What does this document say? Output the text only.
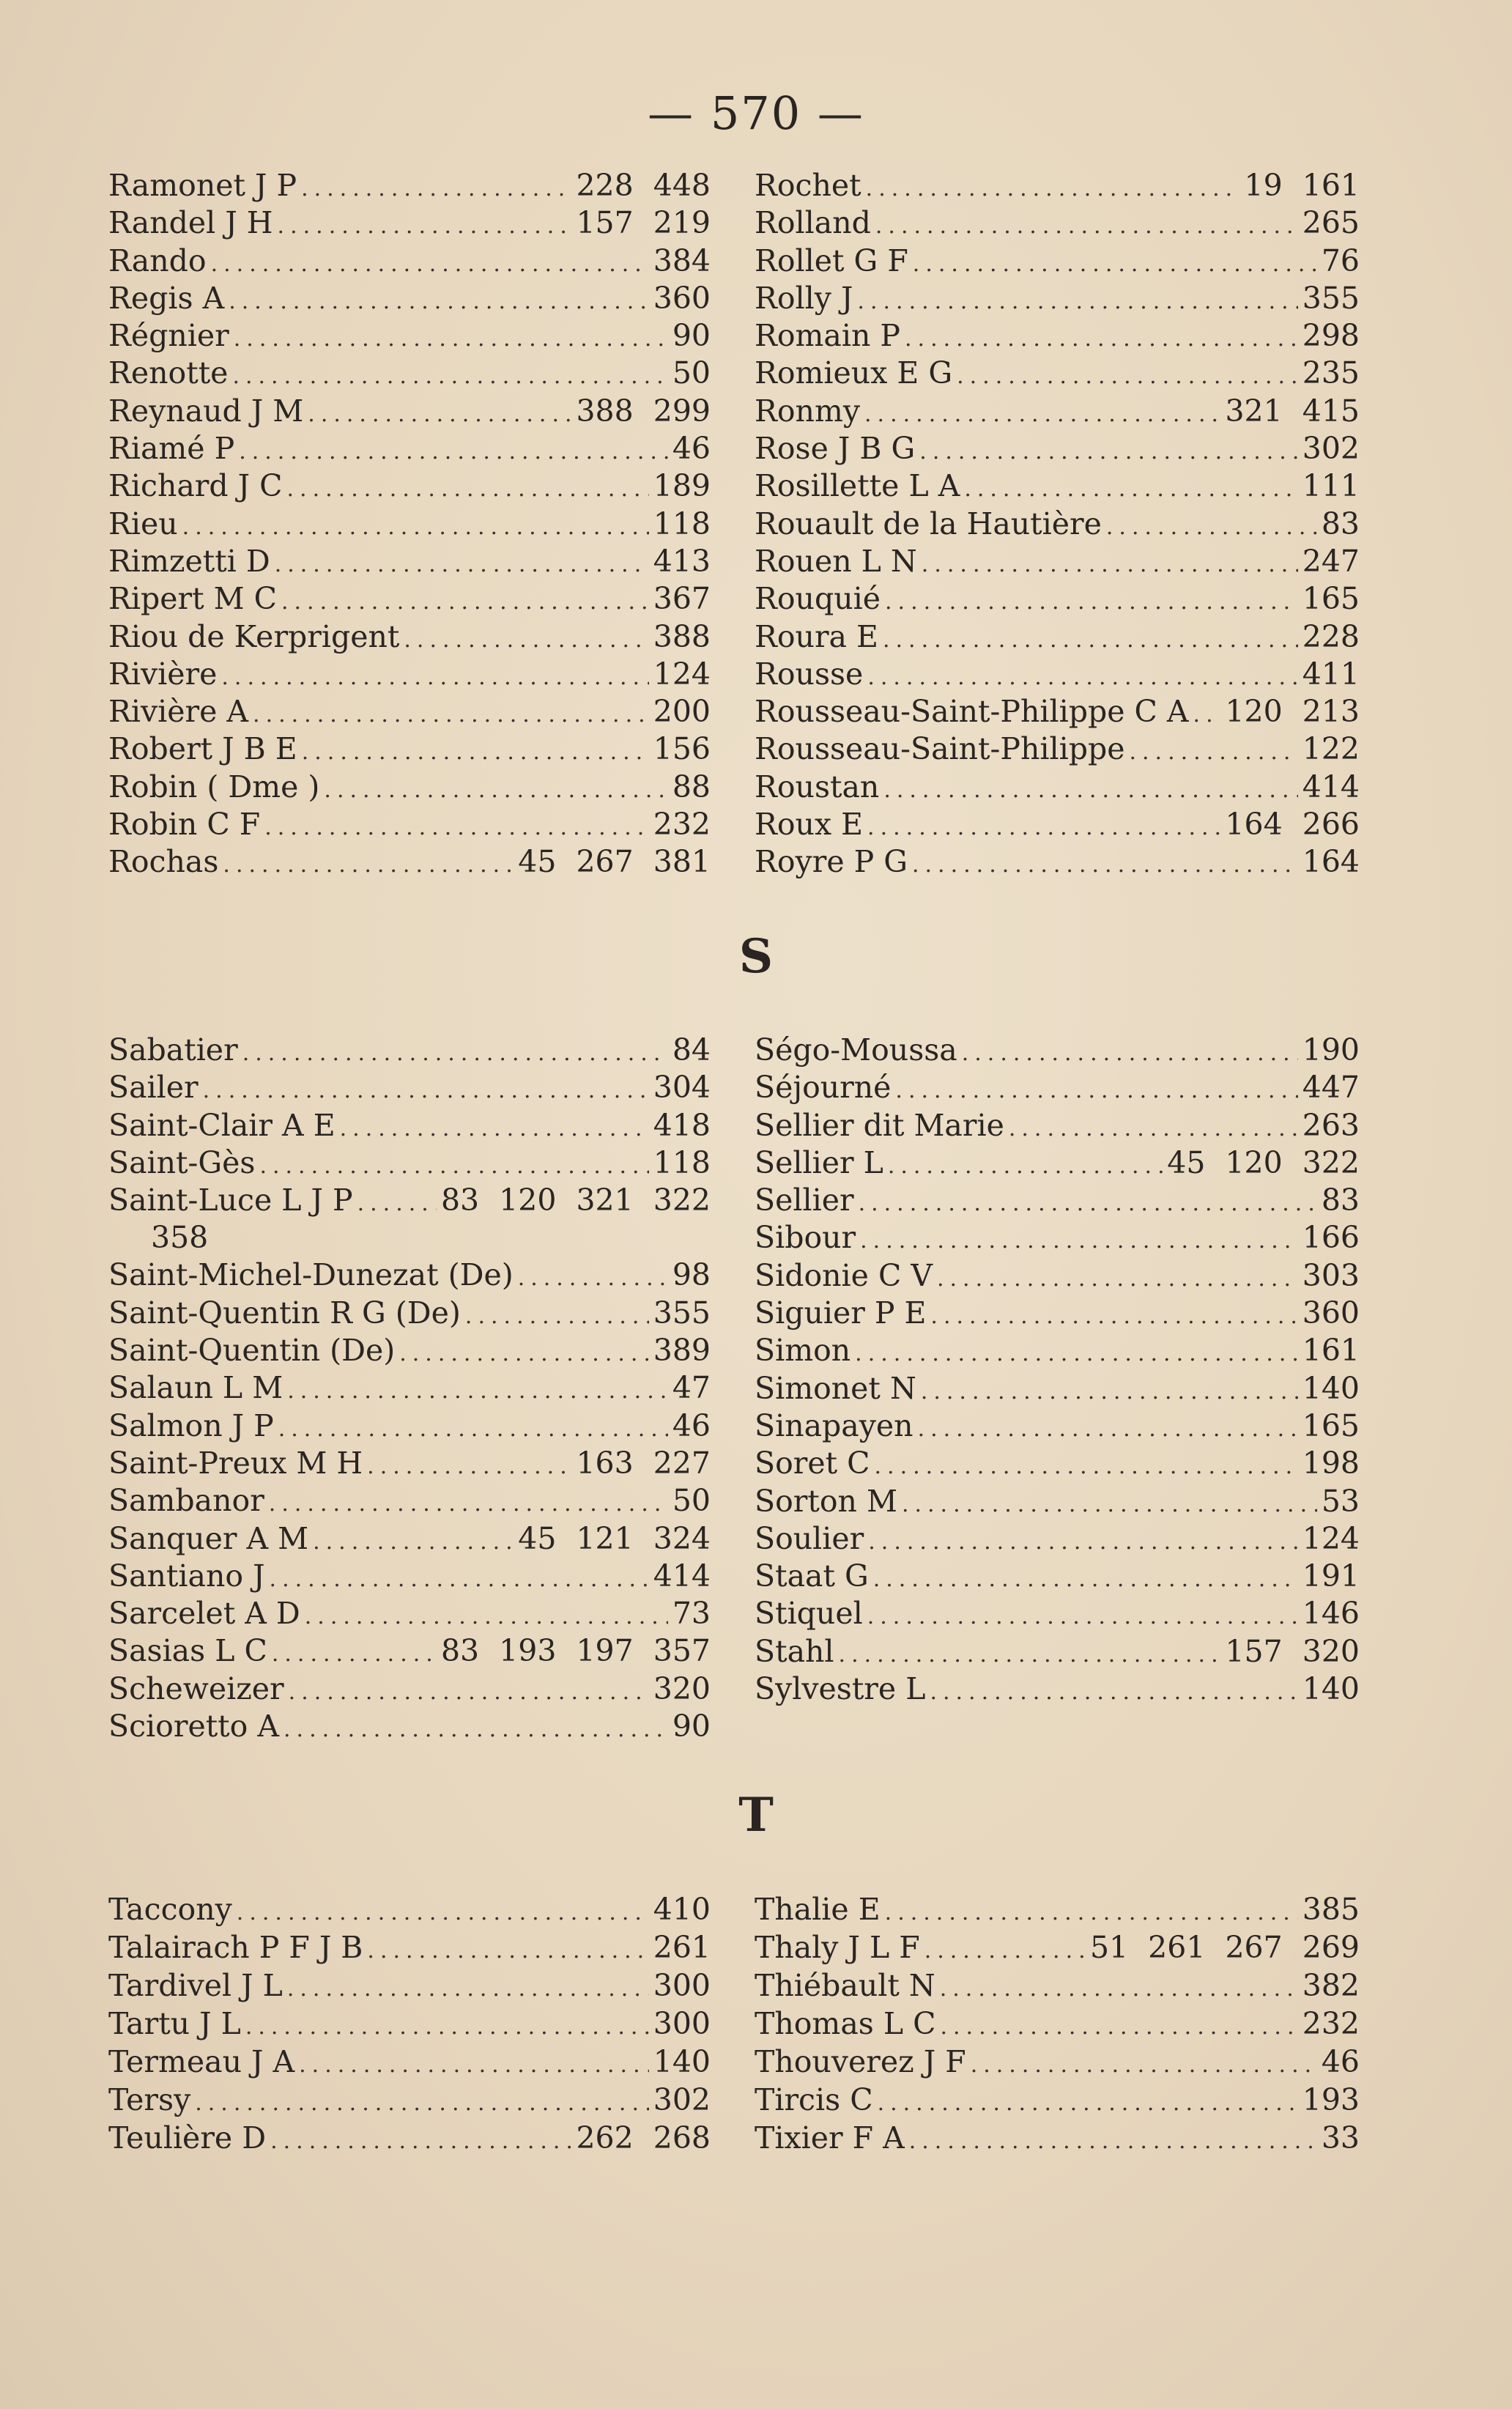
— 570 —
Ramonet J P .....	228 448
Randel J H .....	157 219
Rando .....	384
Regis A .....	360
Régnier .....	90
Renotte .....	50
Reynaud J M .....	388 299
Riamé P .....	46
Richard J C .....	189
Rieu .....	118
Rimzetti D .....	413
Ripert M C .....	367
Riou de Kerprigent .....	388
Rivière .....	124
Rivière A .....	200
Robert J B E .....	156
Robin ( Dme ) .....	88
Robin C F .....	232
Rochas .....	45 267 381
Rochet .....	19 161
Rolland .....	265
Rollet G F .....	76
Rolly J .....	355
Romain P .....	298
Romieux E G .....	235
Ronmy .....	321 415
Rose J B G .....	302
Rosillette L A .....	111
Rouault de la Hautière .....	83
Rouen L N .....	247
Rouquié .....	165
Roura E .....	228
Rousse .....	411
Rousseau-Saint-Philippe C A ..... 120 213
Rousseau-Saint-Philippe .....	122
Roustan .....	414
Roux E .....	164 266
Royre P G .....	164
S
Sabatier .....	84
Sailer .....	304
Saint-Clair A E .....	418
Saint-Gès .....	118
Saint-Luce L J P .....	83 120 321 322
358
Saint-Michel-Dunezat (De) .....	98
Saint-Quentin R G (De) .....	355
Saint-Quentin (De) .....	389
Salaun L M .....	47
Salmon J P .....	46
Saint-Preux M H .....	163 227
Sambanor .....	50
Sanquer A M .....	45 121 324
Santiano J .....	414
Sarcelet A D .....	73
Sasias L C .....	83 193 197 357
Scheweizer .....	320
Scioretto A .....	90
Ségo-Moussa .....	190
Séjourné .....	447
Sellier dit Marie .....	263
Sellier L .....	45 120 322
Sellier .....	83
Sibour .....	166
Sidonie C V .....	303
Siguier P E .....	360
Simon .....	161
Simonet N .....	140
Sinapayen .....	165
Soret C .....	198
Sorton M .....	53
Soulier .....	124
Staat G .....	191
Stiquel .....	146
Stahl .....	157 320
Sylvestre L .....	140
T
Taccony .....	410
Talairach P F J B .....	261
Tardivel J L .....	300
Tartu J L .....	300
Termeau J A .....	140
Tersy .....	302
Teulière D .....	262 268
Thalie E .....	385
Thaly J L F .....	51 261 267 269
Thiébault N .....	382
Thomas L C .....	232
Thouverez J F .....	46
Tircis C .....	193
Tixier F A .....	33
